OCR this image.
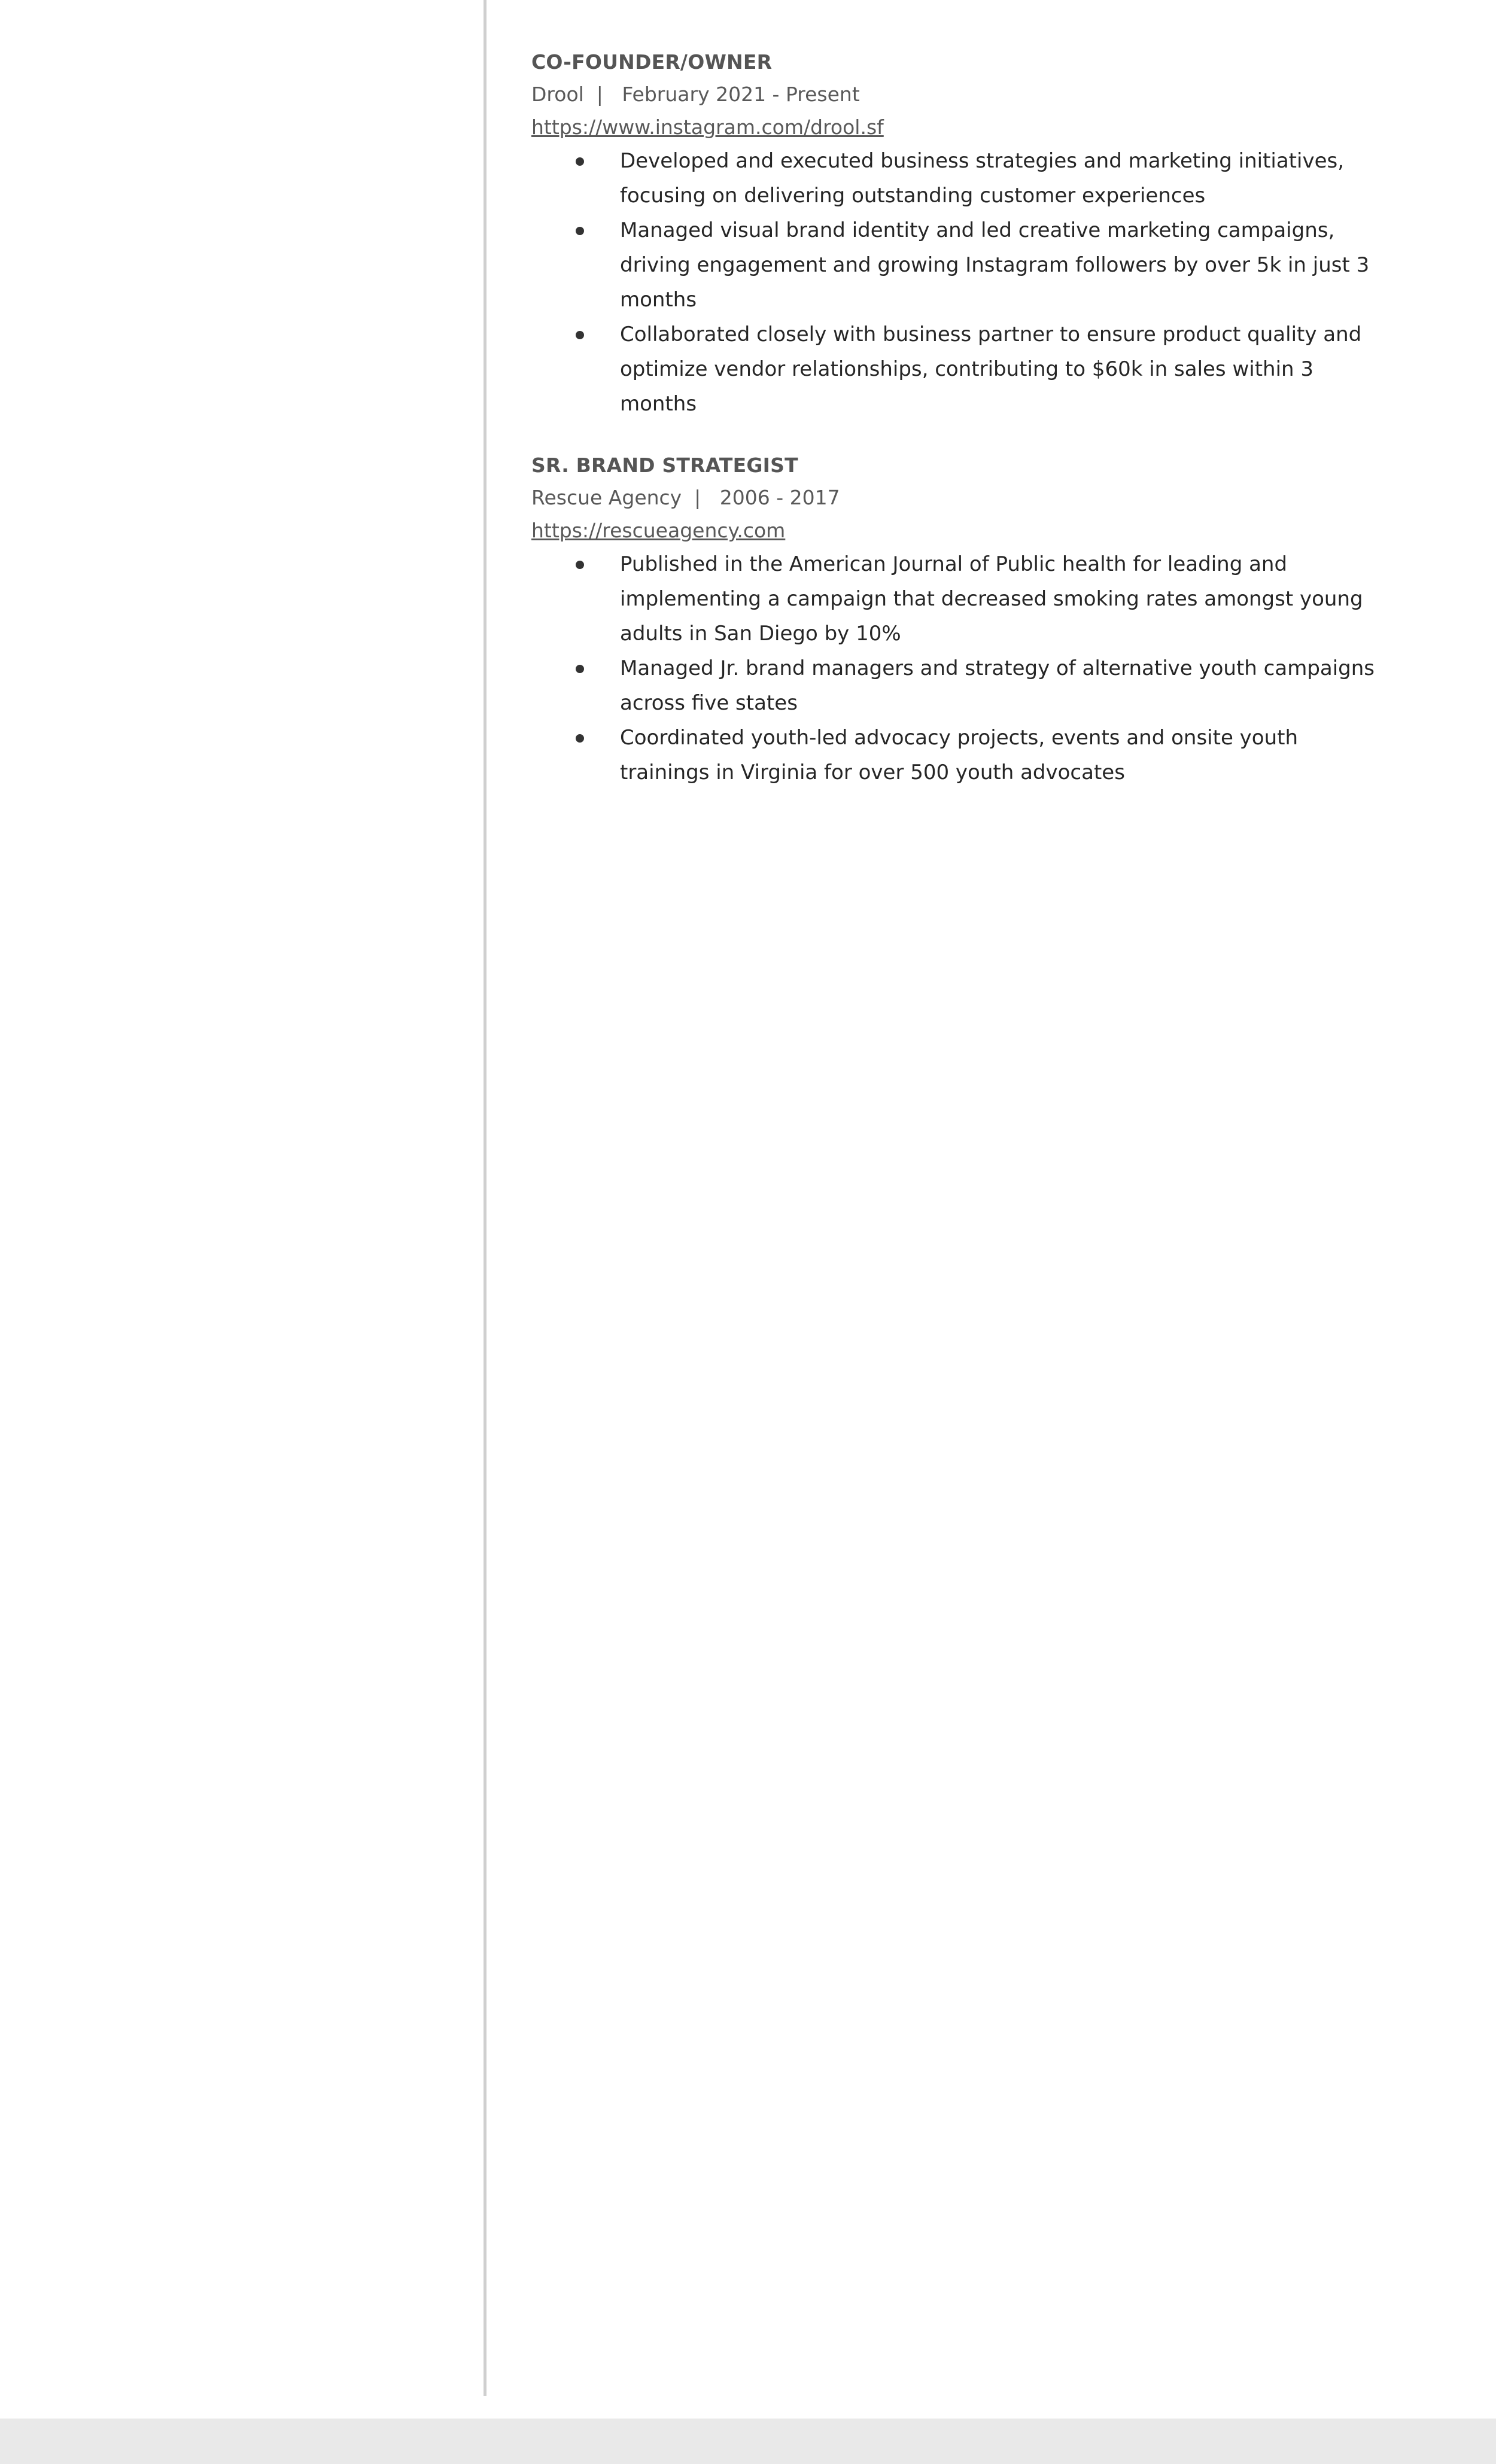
CO-FOUNDER/OWNER
Drool  |   February 2021 - Present
https://www.instagram.com/drool.sf
Developed and executed business strategies and marketing initiatives, focusing on delivering outstanding customer experiences
Managed visual brand identity and led creative marketing campaigns, driving engagement and growing Instagram followers by over 5k in just 3 months
Collaborated closely with business partner to ensure product quality and optimize vendor relationships, contributing to $60k in sales within 3 months
SR. BRAND STRATEGIST
Rescue Agency  |   2006 - 2017
https://rescueagency.com
Published in the American Journal of Public health for leading and implementing a campaign that decreased smoking rates amongst young adults in San Diego by 10%
Managed Jr. brand managers and strategy of alternative youth campaigns across five states
Coordinated youth-led advocacy projects, events and onsite youth trainings in Virginia for over 500 youth advocates
